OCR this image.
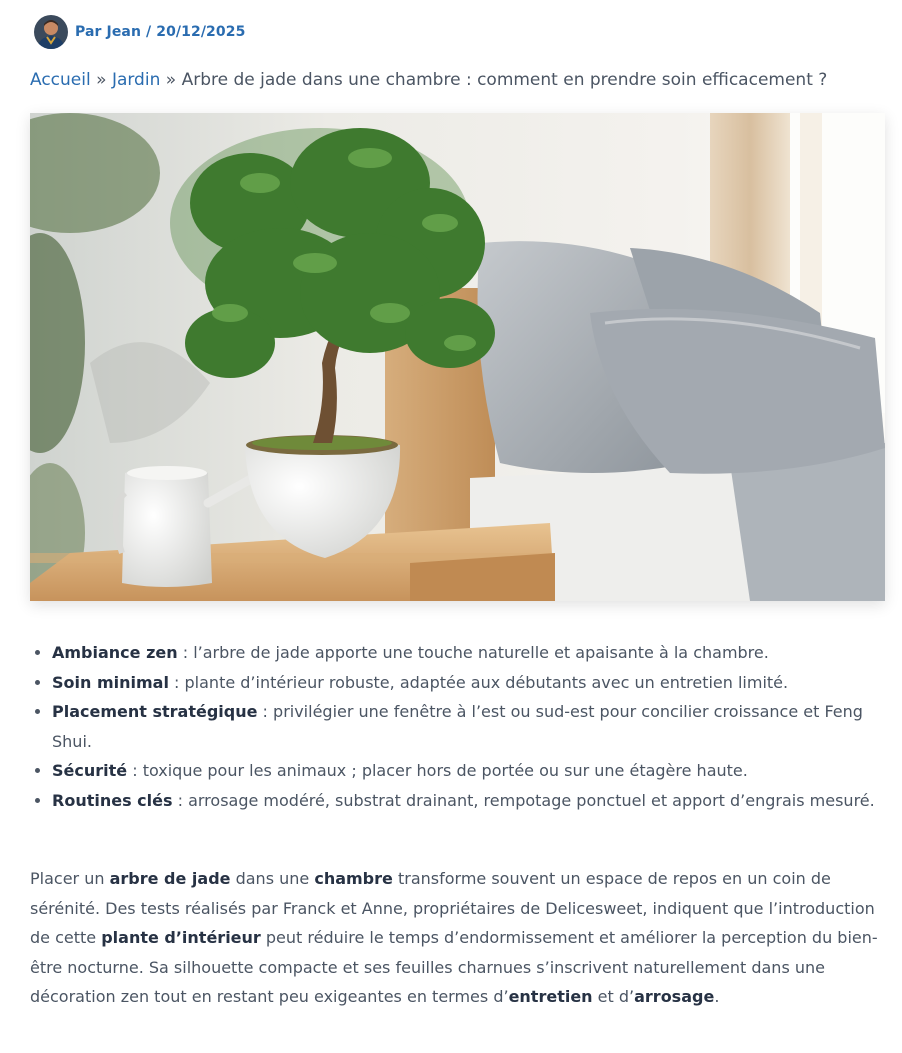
Par Jean / 20/12/2025
Accueil » Jardin » Arbre de jade dans une chambre : comment en prendre soin efficacement ?
• Ambiance zen : l’arbre de jade apporte une touche naturelle et apaisante à la chambre.
• Soin minimal : plante d’intérieur robuste, adaptée aux débutants avec un entretien limité.
• Placement stratégique : privilégier une fenêtre à l’est ou sud-est pour concilier croissance et Feng Shui.
• Sécurité : toxique pour les animaux ; placer hors de portée ou sur une étagère haute.
• Routines clés : arrosage modéré, substrat drainant, rempotage ponctuel et apport d’engrais mesuré.

Placer un arbre de jade dans une chambre transforme souvent un espace de repos en un coin de sérénité. Des tests réalisés par Franck et Anne, propriétaires de Delicesweet, indiquent que l’introduction de cette plante d’intérieur peut réduire le temps d’endormissement et améliorer la perception du bien-être nocturne. Sa silhouette compacte et ses feuilles charnues s’inscrivent naturellement dans une décoration zen tout en restant peu exigeantes en termes d’entretien et d’arrosage.
